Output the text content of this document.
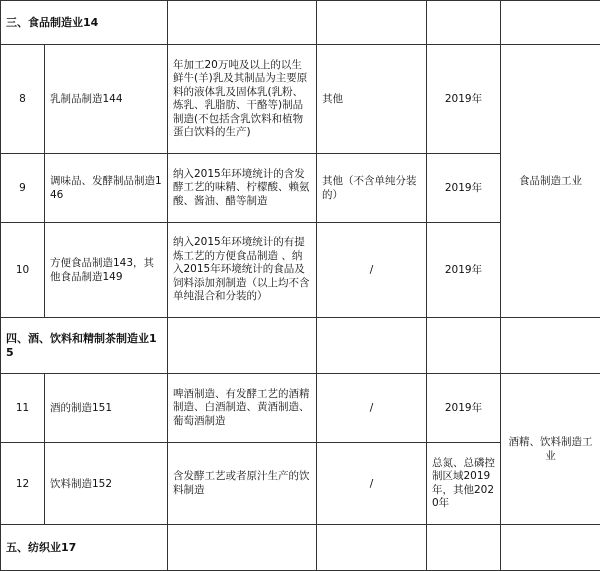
三、食品制造业14					
8	乳制品制造144	年加工20万吨及以上的以生鲜牛(羊)乳及其制品为主要原料的液体乳及固体乳(乳粉、炼乳、乳脂肪、干酪等)制品制造(不包括含乳饮料和植物蛋白饮料的生产)	其他	2019年	食品制造工业
9	调味品、发酵制品制造146	纳入2015年环境统计的含发酵工艺的味精、柠檬酸、赖氨酸、酱油、醋等制造	其他（不含单纯分装的）	2019年	
10	方便食品制造143，其他食品制造149	纳入2015年环境统计的有提炼工艺的方便食品制造 、纳入2015年环境统计的食品及饲料添加剂制造（以上均不含单纯混合和分装的）	/	2019年	
四、酒、饮料和精制茶制造业15					
11	酒的制造151	啤酒制造、有发酵工艺的酒精制造、白酒制造、黄酒制造、葡萄酒制造	/	2019年	酒精、饮料制造工业
12	饮料制造152	含发酵工艺或者原汁生产的饮料制造	/	总氮、总磷控制区域2019年，其他2020年	
五、纺织业17					
